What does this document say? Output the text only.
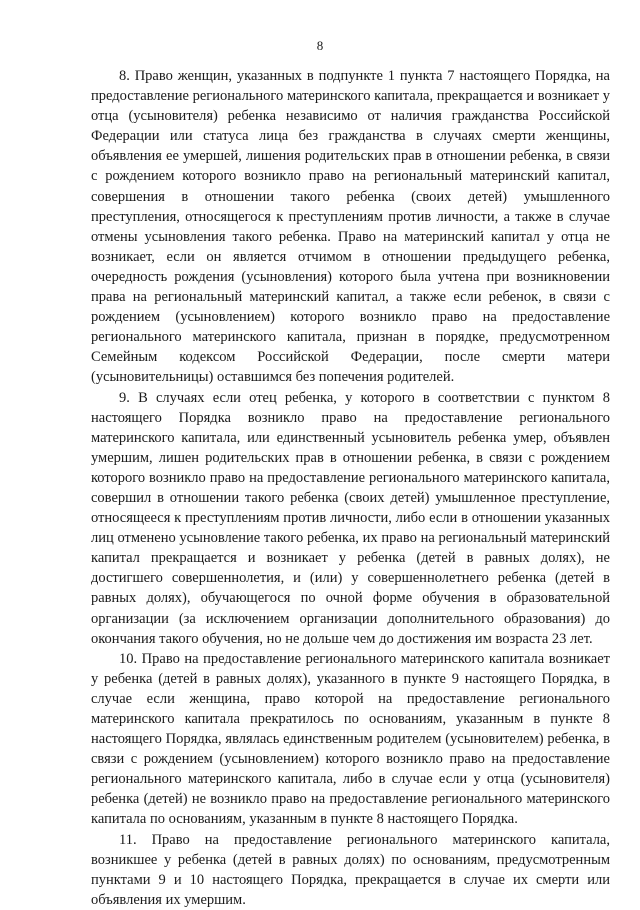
8

8. Право женщин, указанных в подпункте 1 пункта 7 настоящего Порядка, на предоставление регионального материнского капитала, прекращается и возникает у отца (усыновителя) ребенка независимо от наличия гражданства Российской Федерации или статуса лица без гражданства в случаях смерти женщины, объявления ее умершей, лишения родительских прав в отношении ребенка, в связи с рождением которого возникло право на региональный материнский капитал, совершения в отношении такого ребенка (своих детей) умышленного преступления, относящегося к преступлениям против личности, а также в случае отмены усыновления такого ребенка. Право на материнский капитал у отца не возникает, если он является отчимом в отношении предыдущего ребенка, очередность рождения (усыновления) которого была учтена при возникновении права на региональный материнский капитал, а также если ребенок, в связи с рождением (усыновлением) которого возникло право на предоставление регионального материнского капитала, признан в порядке, предусмотренном Семейным кодексом Российской Федерации, после смерти матери (усыновительницы) оставшимся без попечения родителей.

9. В случаях если отец ребенка, у которого в соответствии с пунктом 8 настоящего Порядка возникло право на предоставление регионального материнского капитала, или единственный усыновитель ребенка умер, объявлен умершим, лишен родительских прав в отношении ребенка, в связи с рождением которого возникло право на предоставление регионального материнского капитала, совершил в отношении такого ребенка (своих детей) умышленное преступление, относящееся к преступлениям против личности, либо если в отношении указанных лиц отменено усыновление такого ребенка, их право на региональный материнский капитал прекращается и возникает у ребенка (детей в равных долях), не достигшего совершеннолетия, и (или) у совершеннолетнего ребенка (детей в равных долях), обучающегося по очной форме обучения в образовательной организации (за исключением организации дополнительного образования) до окончания такого обучения, но не дольше чем до достижения им возраста 23 лет.

10. Право на предоставление регионального материнского капитала возникает у ребенка (детей в равных долях), указанного в пункте 9 настоящего Порядка, в случае если женщина, право которой на предоставление регионального материнского капитала прекратилось по основаниям, указанным в пункте 8 настоящего Порядка, являлась единственным родителем (усыновителем) ребенка, в связи с рождением (усыновлением) которого возникло право на предоставление регионального материнского капитала, либо в случае если у отца (усыновителя) ребенка (детей) не возникло право на предоставление регионального материнского капитала по основаниям, указанным в пункте 8 настоящего Порядка.

11. Право на предоставление регионального материнского капитала, возникшее у ребенка (детей в равных долях) по основаниям, предусмотренным пунктами 9 и 10 настоящего Порядка, прекращается в случае их смерти или объявления их умершим.
